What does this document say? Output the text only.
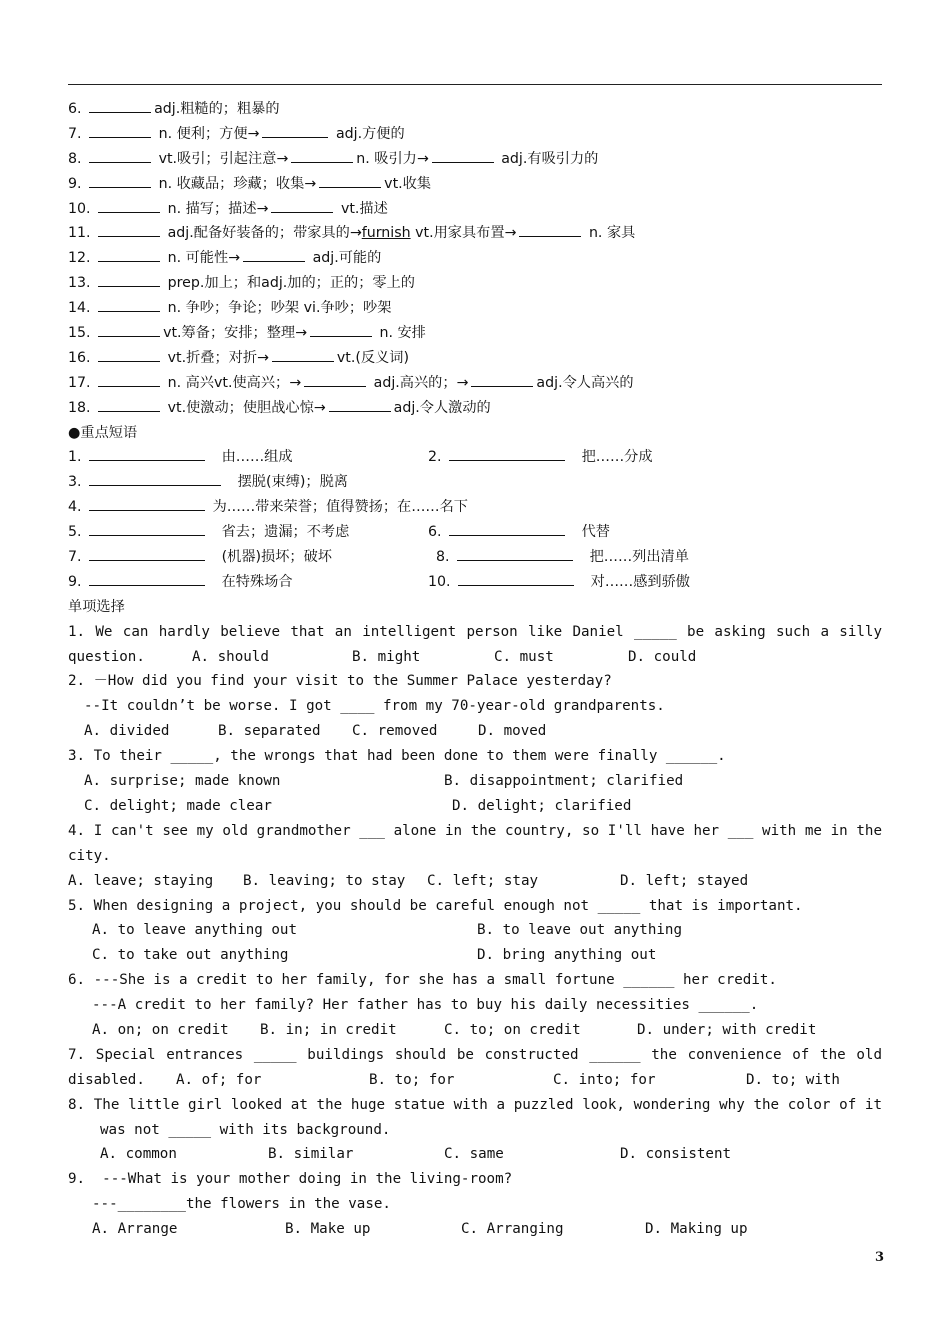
6.	adj.粗糙的；粗暴的
7.	n. 便利；方便→	adj.方便的
8.	vt.吸引；引起注意→	n. 吸引力→	adj.有吸引力的
9.	n. 收藏品；珍藏；收集→	vt.收集
10.	n. 描写；描述→	vt.描述
11.	adj.配备好装备的；带家具的→furnish vt.用家具布置→	n. 家具
12.	n. 可能性→	adj.可能的
13.	prep.加上；和adj.加的；正的；零上的
14.	n. 争吵；争论；吵架 vi.争吵；吵架
15.	vt.筹备；安排；整理→	n. 安排
16.	vt.折叠；对折→	vt.(反义词)
17.	n. 高兴vt.使高兴；→	adj.高兴的；→	adj.令人高兴的
18.	vt.使激动；使胆战心惊→	adj.令人激动的
●重点短语
1.	由……组成	2.	把……分成
3.	摆脱(束缚)；脱离
4.	为……带来荣誉；值得赞扬；在……名下
5.	省去；遗漏；不考虑	6.	代替
7.	(机器)损坏；破坏	8.	把……列出清单
9.	在特殊场合	10.	对……感到骄傲
单项选择
1. We can hardly believe that an intelligent person like Daniel _____ be asking such a silly
question.	A. should	B. might	C. must	D. could
2. －How did you find your visit to the Summer Palace yesterday?
--It couldn’t be worse. I got ____ from my 70-year-old grandparents.
A. divided	B. separated C. removed	D. moved
3. To their _____, the wrongs that had been done to them were finally ______.
A. surprise; made known	B. disappointment; clarified
C. delight; made clear	D. delight; clarified
4. I can't see my old grandmother ___ alone in the country, so I'll have her ___ with me in the
city.
A. leave; staying B. leaving; to stay C. left; stay	D. left; stayed
5. When designing a project, you should be careful enough not _____ that is important.
A. to leave anything out	B. to leave out anything
C. to take out anything	D. bring anything out
6. ---She is a credit to her family, for she has a small fortune ______ her credit.
---A credit to her family? Her father has to buy his daily necessities ______.
A. on; on credit B. in; in credit	C. to; on credit	D. under; with credit
7. Special entrances _____ buildings should be constructed ______ the convenience of the old
disabled. A. of; for	B. to; for	C. into; for	D. to; with
8. The little girl looked at the huge statue with a puzzled look, wondering why the color of it
was not _____ with its background.
A. common	B. similar	C. same	D. consistent
9.  ---What is your mother doing in the living-room?
---________the flowers in the vase.
A. Arrange	B. Make up	C. Arranging	D. Making up
3
